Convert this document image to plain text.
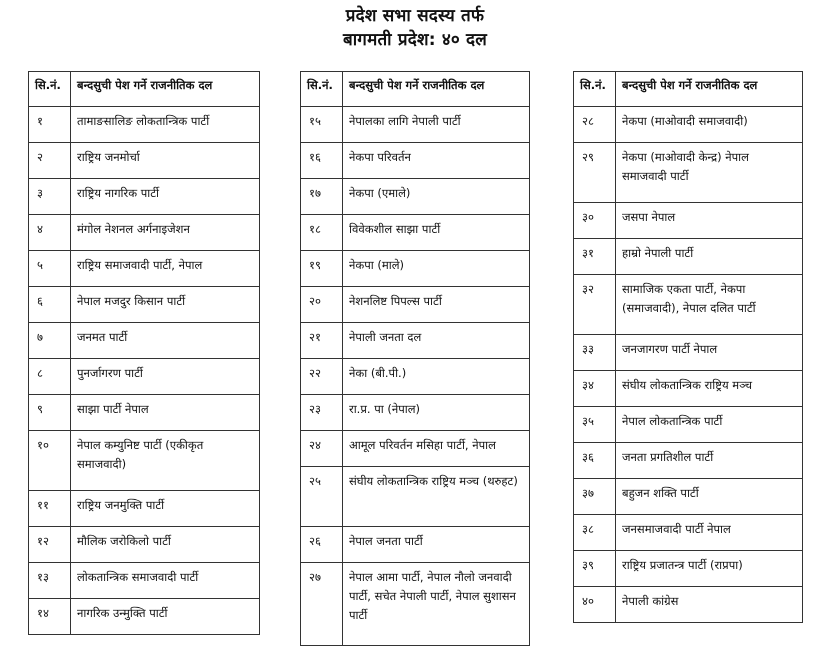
प्रदेश सभा सदस्य तर्फ
बागमती प्रदेश: ४० दल
सि.नं.	बन्दसुची पेश गर्ने राजनीतिक दल
१	तामाङसालिङ लोकतान्त्रिक पार्टी
२	राष्ट्रिय जनमोर्चा
३	राष्ट्रिय नागरिक पार्टी
४	मंगोल नेशनल अर्गनाइजेशन
५	राष्ट्रिय समाजवादी पार्टी, नेपाल
६	नेपाल मजदुर किसान पार्टी
७	जनमत पार्टी
८	पुनर्जागरण पार्टी
९	साझा पार्टी नेपाल
१०	नेपाल कम्युनिष्ट पार्टी (एकीकृत समाजवादी)
११	राष्ट्रिय जनमुक्ति पार्टी
१२	मौलिक जरोकिलो पार्टी
१३	लोकतान्त्रिक समाजवादी पार्टी
१४	नागरिक उन्मुक्ति पार्टी
सि.नं.	बन्दसुची पेश गर्ने राजनीतिक दल
१५	नेपालका लागि नेपाली पार्टी
१६	नेकपा परिवर्तन
१७	नेकपा (एमाले)
१८	विवेकशील साझा पार्टी
१९	नेकपा (माले)
२०	नेशनलिष्ट पिपल्स पार्टी
२१	नेपाली जनता दल
२२	नेका (बी.पी.)
२३	रा.प्र. पा (नेपाल)
२४	आमूल परिवर्तन मसिहा पार्टी, नेपाल
२५	संघीय लोकतान्त्रिक राष्ट्रिय मञ्च (थरुहट)
२६	नेपाल जनता पार्टी
२७	नेपाल आमा पार्टी, नेपाल नौलो जनवादी पार्टी, सचेत नेपाली पार्टी, नेपाल सुशासन पार्टी
सि.नं.	बन्दसुची पेश गर्ने राजनीतिक दल
२८	नेकपा (माओवादी समाजवादी)
२९	नेकपा (माओवादी केन्द्र) नेपाल समाजवादी पार्टी
३०	जसपा नेपाल
३१	हाम्रो नेपाली पार्टी
३२	सामाजिक एकता पार्टी, नेकपा (समाजवादी), नेपाल दलित पार्टी
३३	जनजागरण पार्टी नेपाल
३४	संघीय लोकतान्त्रिक राष्ट्रिय मञ्च
३५	नेपाल लोकतान्त्रिक पार्टी
३६	जनता प्रगतिशील पार्टी
३७	बहुजन शक्ति पार्टी
३८	जनसमाजवादी पार्टी नेपाल
३९	राष्ट्रिय प्रजातन्त्र पार्टी (राप्रपा)
४०	नेपाली कांग्रेस
